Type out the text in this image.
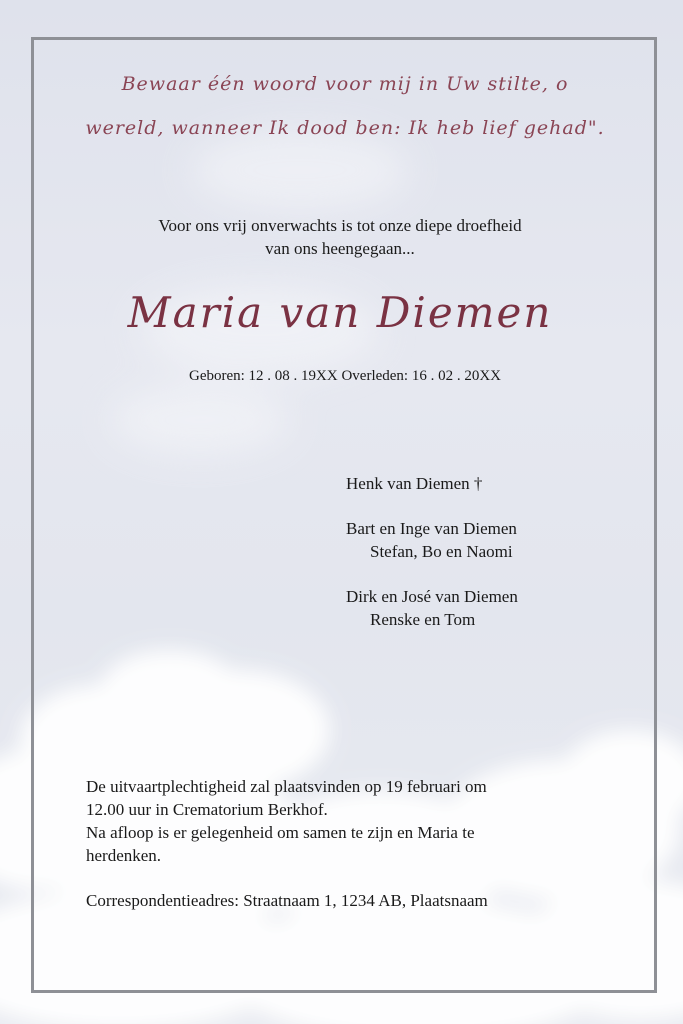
Bewaar één woord voor mij in Uw stilte, o
wereld, wanneer Ik dood ben: Ik heb lief gehad".
Voor ons vrij onverwachts is tot onze diepe droefheid
van ons heengegaan...
Maria van Diemen
Geboren: 12 . 08 . 19XX Overleden: 16 . 02 . 20XX
Henk van Diemen †
Bart en Inge van Diemen
Stefan, Bo en Naomi
Dirk en José van Diemen
Renske en Tom
De uitvaartplechtigheid zal plaatsvinden op 19 februari om
12.00 uur in Crematorium Berkhof.
Na afloop is er gelegenheid om samen te zijn en Maria te
herdenken.
Correspondentieadres: Straatnaam 1, 1234 AB, Plaatsnaam
